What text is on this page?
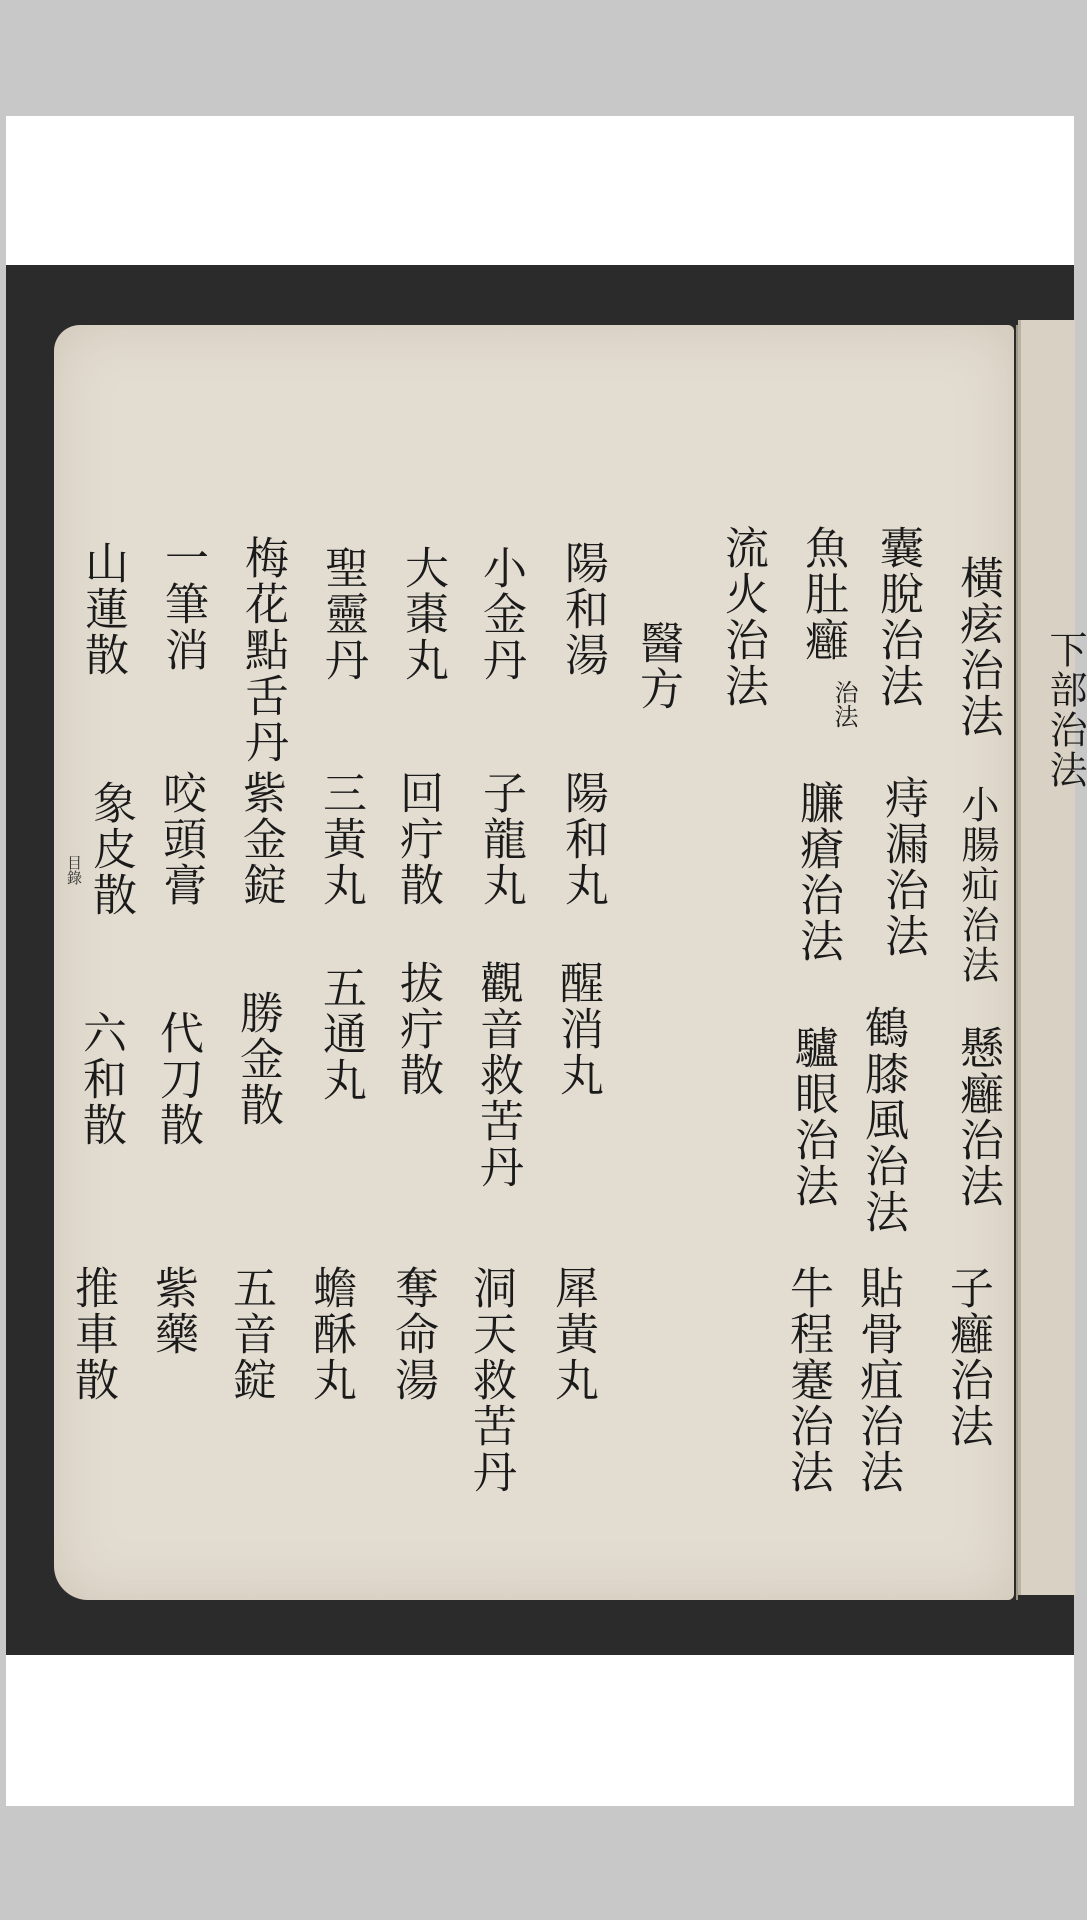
下部治法
橫痃治法
小腸疝治法
懸癰治法
子癰治法
囊脫治法
痔漏治法
鶴膝風治法
貼骨疽治法
魚肚癰
治法
臁瘡治法
驢眼治法
牛程蹇治法
流火治法
醫方
陽和湯
陽和丸
醒消丸
犀黃丸
小金丹
子龍丸
觀音救苦丹
洞天救苦丹
大棗丸
回疔散
拔疔散
奪命湯
聖靈丹
三黃丸
五通丸
蟾酥丸
梅花點舌丹
紫金錠
勝金散
五音錠
一筆消
咬頭膏
代刀散
紫藥
山蓮散
象皮散
六和散
推車散
目錄
